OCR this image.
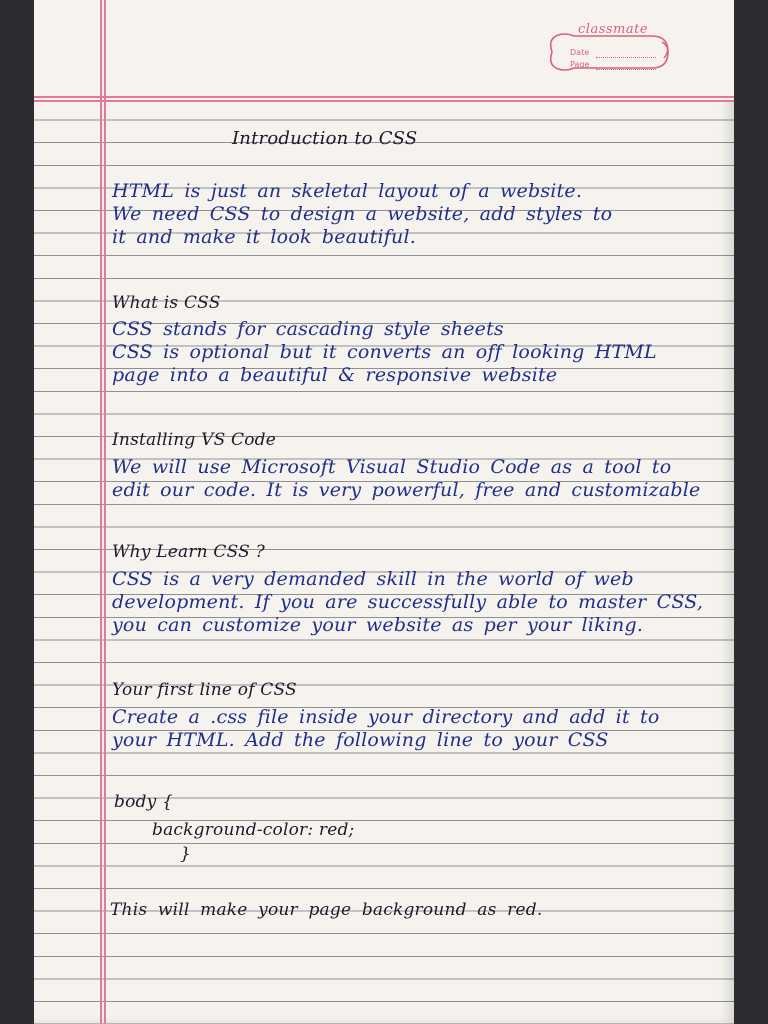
classmate
Date
Page
Introduction to CSS
HTML is just an skeletal layout of a website.
We need CSS to design a website, add styles to
it and make it look beautiful.
What is CSS
CSS stands for cascading style sheets
CSS is optional but it converts an off looking HTML
page into a beautiful & responsive website
Installing VS Code
We will use Microsoft Visual Studio Code as a tool to
edit our code. It is very powerful, free and customizable
Why Learn CSS ?
CSS is a very demanded skill in the world of web
development. If you are successfully able to master CSS,
you can customize your website as per your liking.
Your first line of CSS
Create a .css file inside your directory and add it to
your HTML. Add the following line to your CSS
body {
background-color: red;
}
This will make your page background as red.
